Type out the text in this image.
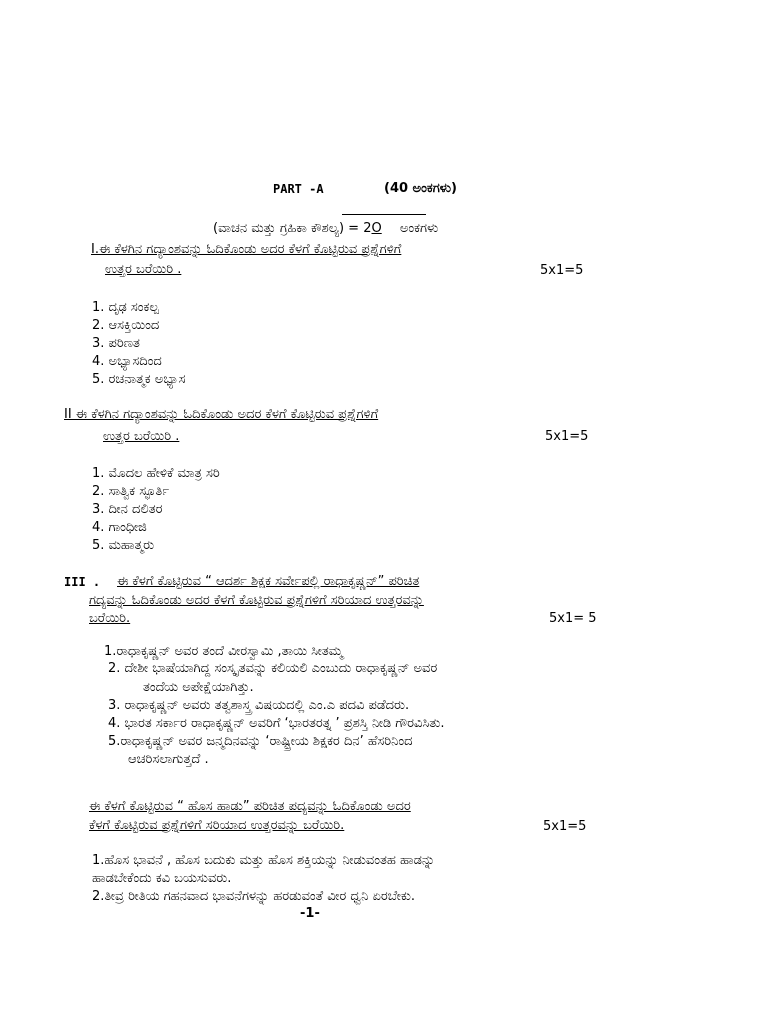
PART -A	(40 ಅಂಕಗಳು)
(ವಾಚನ ಮತ್ತು ಗ್ರಹಿಕಾ ಕೌಶಲ್ಯ) = 2O ಅಂಕಗಳು
I.ಈ ಕೆಳಗಿನ ಗದ್ಯಾಂಶವನ್ನು ಓದಿಕೊಂಡು ಅದರ ಕೆಳಗೆ ಕೊಟ್ಟಿರುವ ಪ್ರಶ್ನೆಗಳಿಗೆ
ಉತ್ತರ ಬರೆಯಿರಿ .	5x1=5
1. ದೃಢ ಸಂಕಲ್ಪ
2. ಆಸಕ್ತಿಯಿಂದ
3. ಪರಿಣತ
4. ಅಭ್ಯಾಸದಿಂದ
5. ರಚನಾತ್ಮಕ ಅಭ್ಯಾಸ
II ಈ ಕೆಳಗಿನ ಗದ್ಯಾಂಶವನ್ನು ಓದಿಕೊಂಡು ಅದರ ಕೆಳಗೆ ಕೊಟ್ಟಿರುವ ಪ್ರಶ್ನೆಗಳಿಗೆ
ಉತ್ತರ ಬರೆಯಿರಿ .	5x1=5
1. ಮೊದಲ ಹೇಳಿಕೆ ಮಾತ್ರ ಸರಿ
2. ಸಾತ್ವಿಕ ಸ್ಫೂರ್ತಿ
3. ದೀನ ದಲಿತರ
4. ಗಾಂಧೀಜಿ
5. ಮಹಾತ್ಮರು
III . ಈ ಕೆಳಗೆ ಕೊಟ್ಟಿರುವ “ ಆದರ್ಶ ಶಿಕ್ಷಕ ಸರ್ವೇಪಲ್ಲಿ ರಾಧಾಕೃಷ್ಣನ್” ಪರಿಚಿತ
ಗದ್ಯವನ್ನು ಓದಿಕೊಂಡು ಅದರ ಕೆಳಗೆ ಕೊಟ್ಟಿರುವ ಪ್ರಶ್ನೆಗಳಿಗೆ ಸರಿಯಾದ ಉತ್ತರವನ್ನು
ಬರೆಯಿರಿ.	5x1= 5
1.ರಾಧಾಕೃಷ್ಣನ್ ಅವರ ತಂದೆ ವೀರಸ್ವಾಮಿ ,ತಾಯಿ ಸೀತಮ್ಮ
2. ದೇಶೀ ಭಾಷೆಯಾಗಿದ್ದ ಸಂಸ್ಕೃತವನ್ನು ಕಲಿಯಲಿ ಎಂಬುದು ರಾಧಾಕೃಷ್ಣನ್ ಅವರ
ತಂದೆಯ ಅಪೇಕ್ಷೆಯಾಗಿತ್ತು.
3. ರಾಧಾಕೃಷ್ಣನ್ ಅವರು ತತ್ವಶಾಸ್ತ್ರ ವಿಷಯದಲ್ಲಿ ಎಂ.ಎ ಪದವಿ ಪಡೆದರು.
4. ಭಾರತ ಸರ್ಕಾರ ರಾಧಾಕೃಷ್ಣನ್ ಅವರಿಗೆ ‘ಭಾರತರತ್ನ ’ ಪ್ರಶಸ್ತಿ ನೀಡಿ ಗೌರವಿಸಿತು.
5.ರಾಧಾಕೃಷ್ಣನ್ ಅವರ ಜನ್ಮದಿನವನ್ನು ‘ರಾಷ್ಟ್ರೀಯ ಶಿಕ್ಷಕರ ದಿನ’ ಹೆಸರಿನಿಂದ
ಆಚರಿಸಲಾಗುತ್ತದೆ .
ಈ ಕೆಳಗೆ ಕೊಟ್ಟಿರುವ “ ಹೊಸ ಹಾಡು” ಪರಿಚಿತ ಪದ್ಯವನ್ನು ಓದಿಕೊಂಡು ಅದರ
ಕೆಳಗೆ ಕೊಟ್ಟಿರುವ ಪ್ರಶ್ನೆಗಳಿಗೆ ಸರಿಯಾದ ಉತ್ತರವನ್ನು ಬರೆಯಿರಿ.	5x1=5
1.ಹೊಸ ಭಾವನೆ , ಹೊಸ ಬದುಕು ಮತ್ತು ಹೊಸ ಶಕ್ತಿಯನ್ನು ನೀಡುವಂತಹ ಹಾಡನ್ನು
ಹಾಡಬೇಕೆಂದು ಕವಿ ಬಯಸುವರು.
2.ತೀವ್ರ ರೀತಿಯ ಗಹನವಾದ ಭಾವನೆಗಳನ್ನು ಹರಡುವಂತೆ ವೀರ ಧ್ವನಿ ಏರಬೇಕು.
-1-
